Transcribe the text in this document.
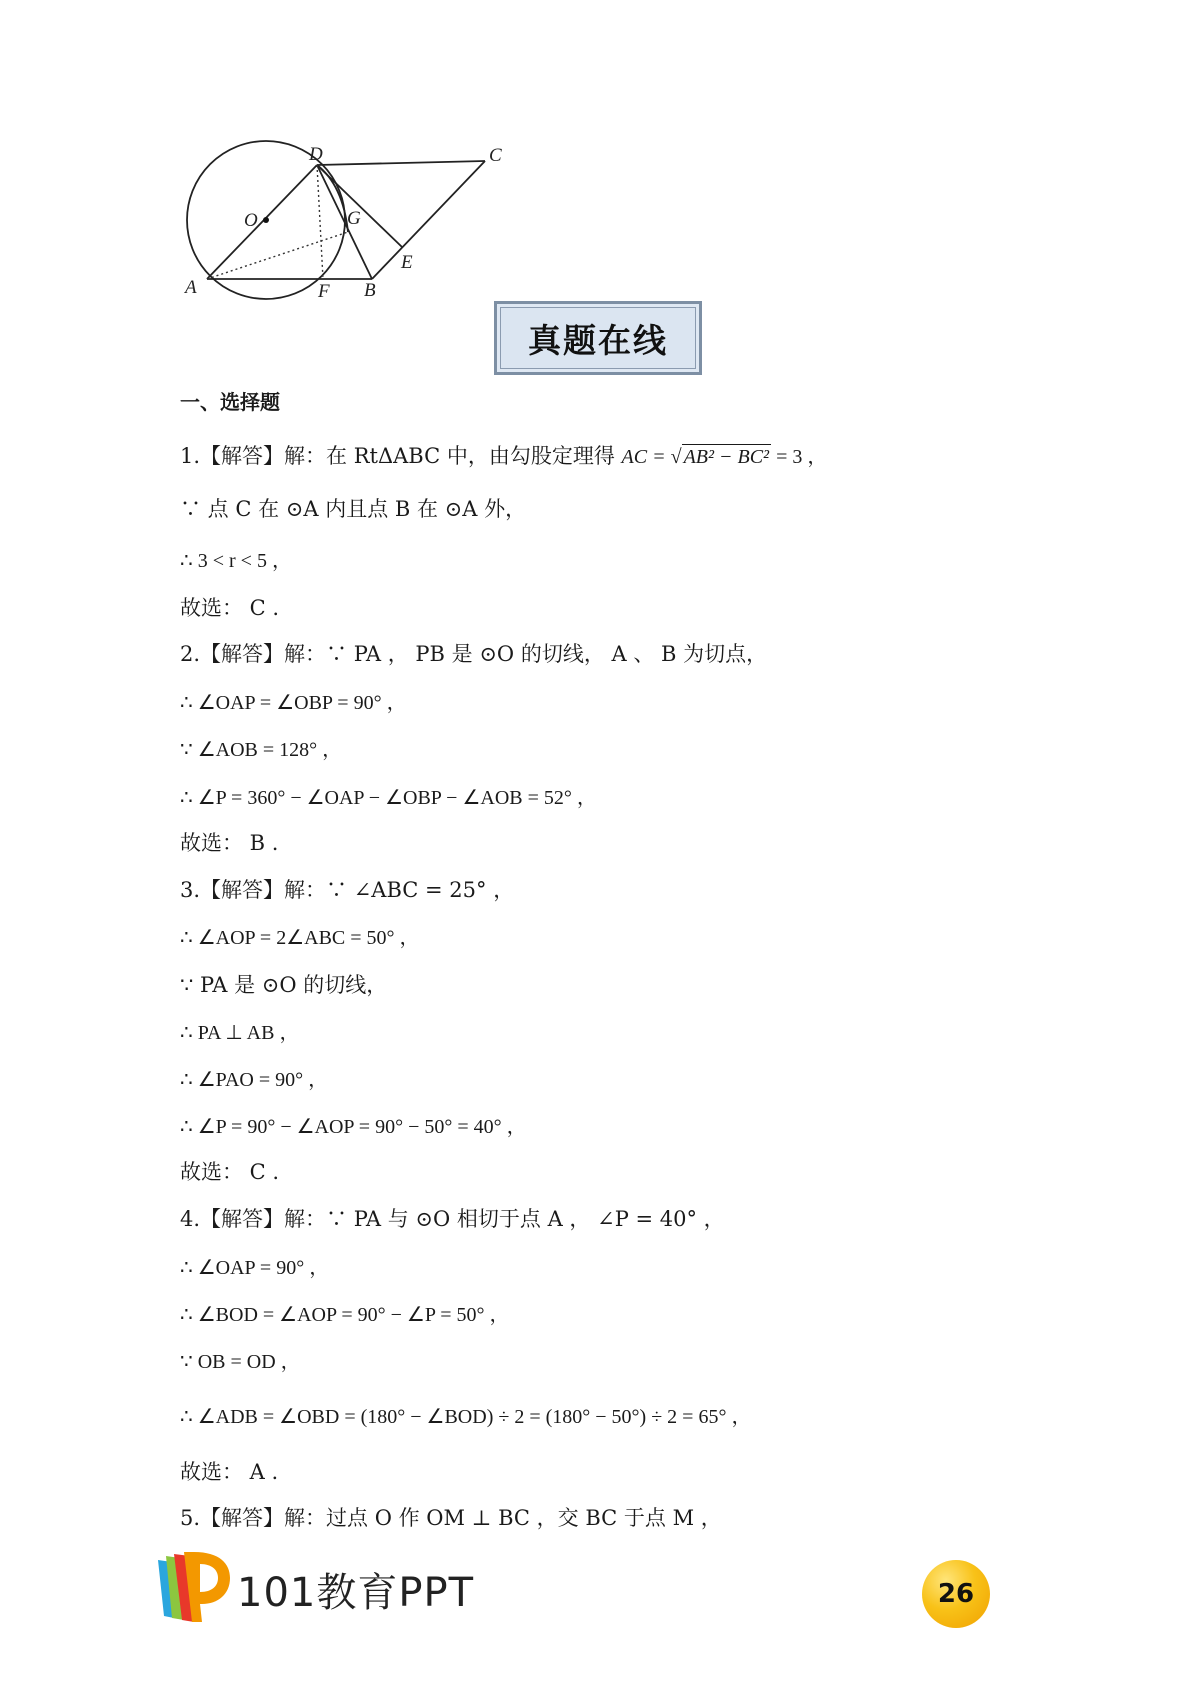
D	C
O	G
E
A	F B
真题在线
一、选择题
1.【解答】解：在 RtΔABC 中，由勾股定理得 AC = √ AB² − BC² = 3 ，
∵ 点 C 在 ⊙A 内且点 B 在 ⊙A 外，
∴ 3 < r < 5 ，
故选： C .
2.【解答】解：∵ PA ， PB 是 ⊙O 的切线， A 、 B 为切点，
∴ ∠OAP = ∠OBP = 90° ，
∵ ∠AOB = 128° ，
∴ ∠P = 360° − ∠OAP − ∠OBP − ∠AOB = 52° ，
故选： B .
3.【解答】解：∵ ∠ABC = 25° ，
∴ ∠AOP = 2∠ABC = 50° ，
∵ PA 是 ⊙O 的切线，
∴ PA ⊥ AB ，
∴ ∠PAO = 90° ，
∴ ∠P = 90° − ∠AOP = 90° − 50° = 40° ，
故选： C .
4.【解答】解：∵ PA 与 ⊙O 相切于点 A ， ∠P = 40° ，
∴ ∠OAP = 90° ，
∴ ∠BOD = ∠AOP = 90° − ∠P = 50° ，
∵ OB = OD ，
∴ ∠ADB = ∠OBD = (180° − ∠BOD) ÷ 2 = (180° − 50°) ÷ 2 = 65° ，
故选： A .
5.【解答】解：过点 O 作 OM ⊥ BC ，交 BC 于点 M ，
101教育PPT	26
